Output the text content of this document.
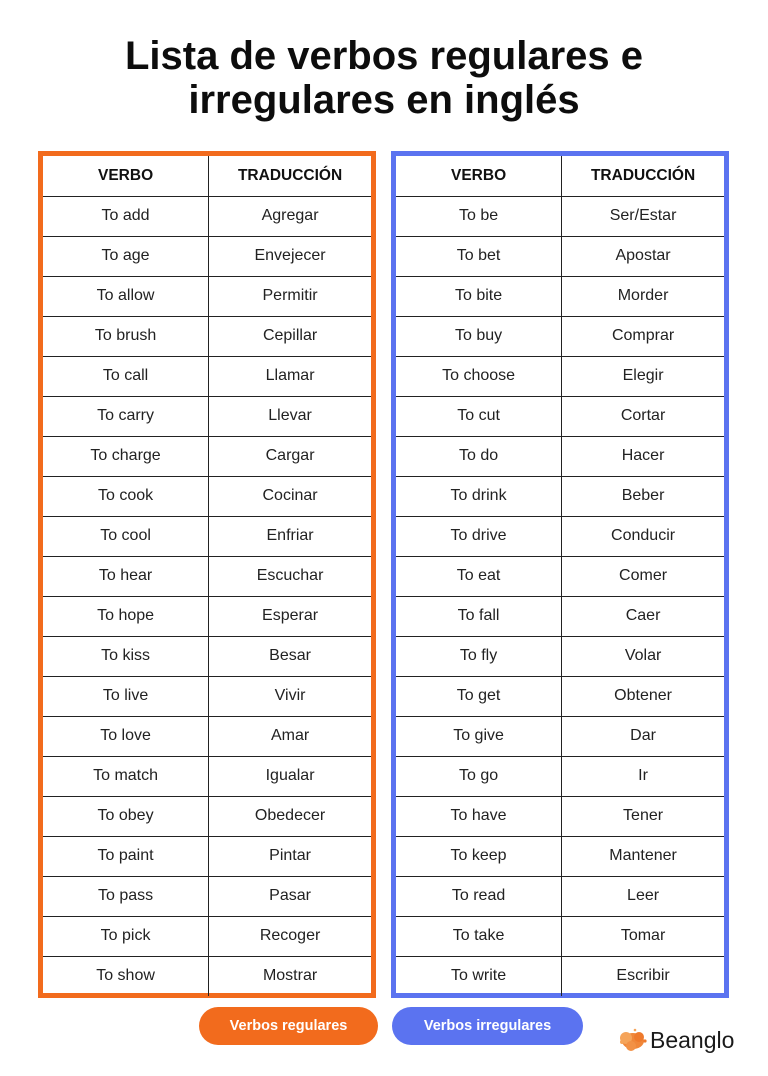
Lista de verbos regulares e
irregulares en inglés
VERBO	TRADUCCIÓN
To add	Agregar
To age	Envejecer
To allow	Permitir
To brush	Cepillar
To call	Llamar
To carry	Llevar
To charge	Cargar
To cook	Cocinar
To cool	Enfriar
To hear	Escuchar
To hope	Esperar
To kiss	Besar
To live	Vivir
To love	Amar
To match	Igualar
To obey	Obedecer
To paint	Pintar
To pass	Pasar
To pick	Recoger
To show	Mostrar
VERBO	TRADUCCIÓN
To be	Ser/Estar
To bet	Apostar
To bite	Morder
To buy	Comprar
To choose	Elegir
To cut	Cortar
To do	Hacer
To drink	Beber
To drive	Conducir
To eat	Comer
To fall	Caer
To fly	Volar
To get	Obtener
To give	Dar
To go	Ir
To have	Tener
To keep	Mantener
To read	Leer
To take	Tomar
To write	Escribir
Verbos regulares	Verbos irregulares
Beanglo
